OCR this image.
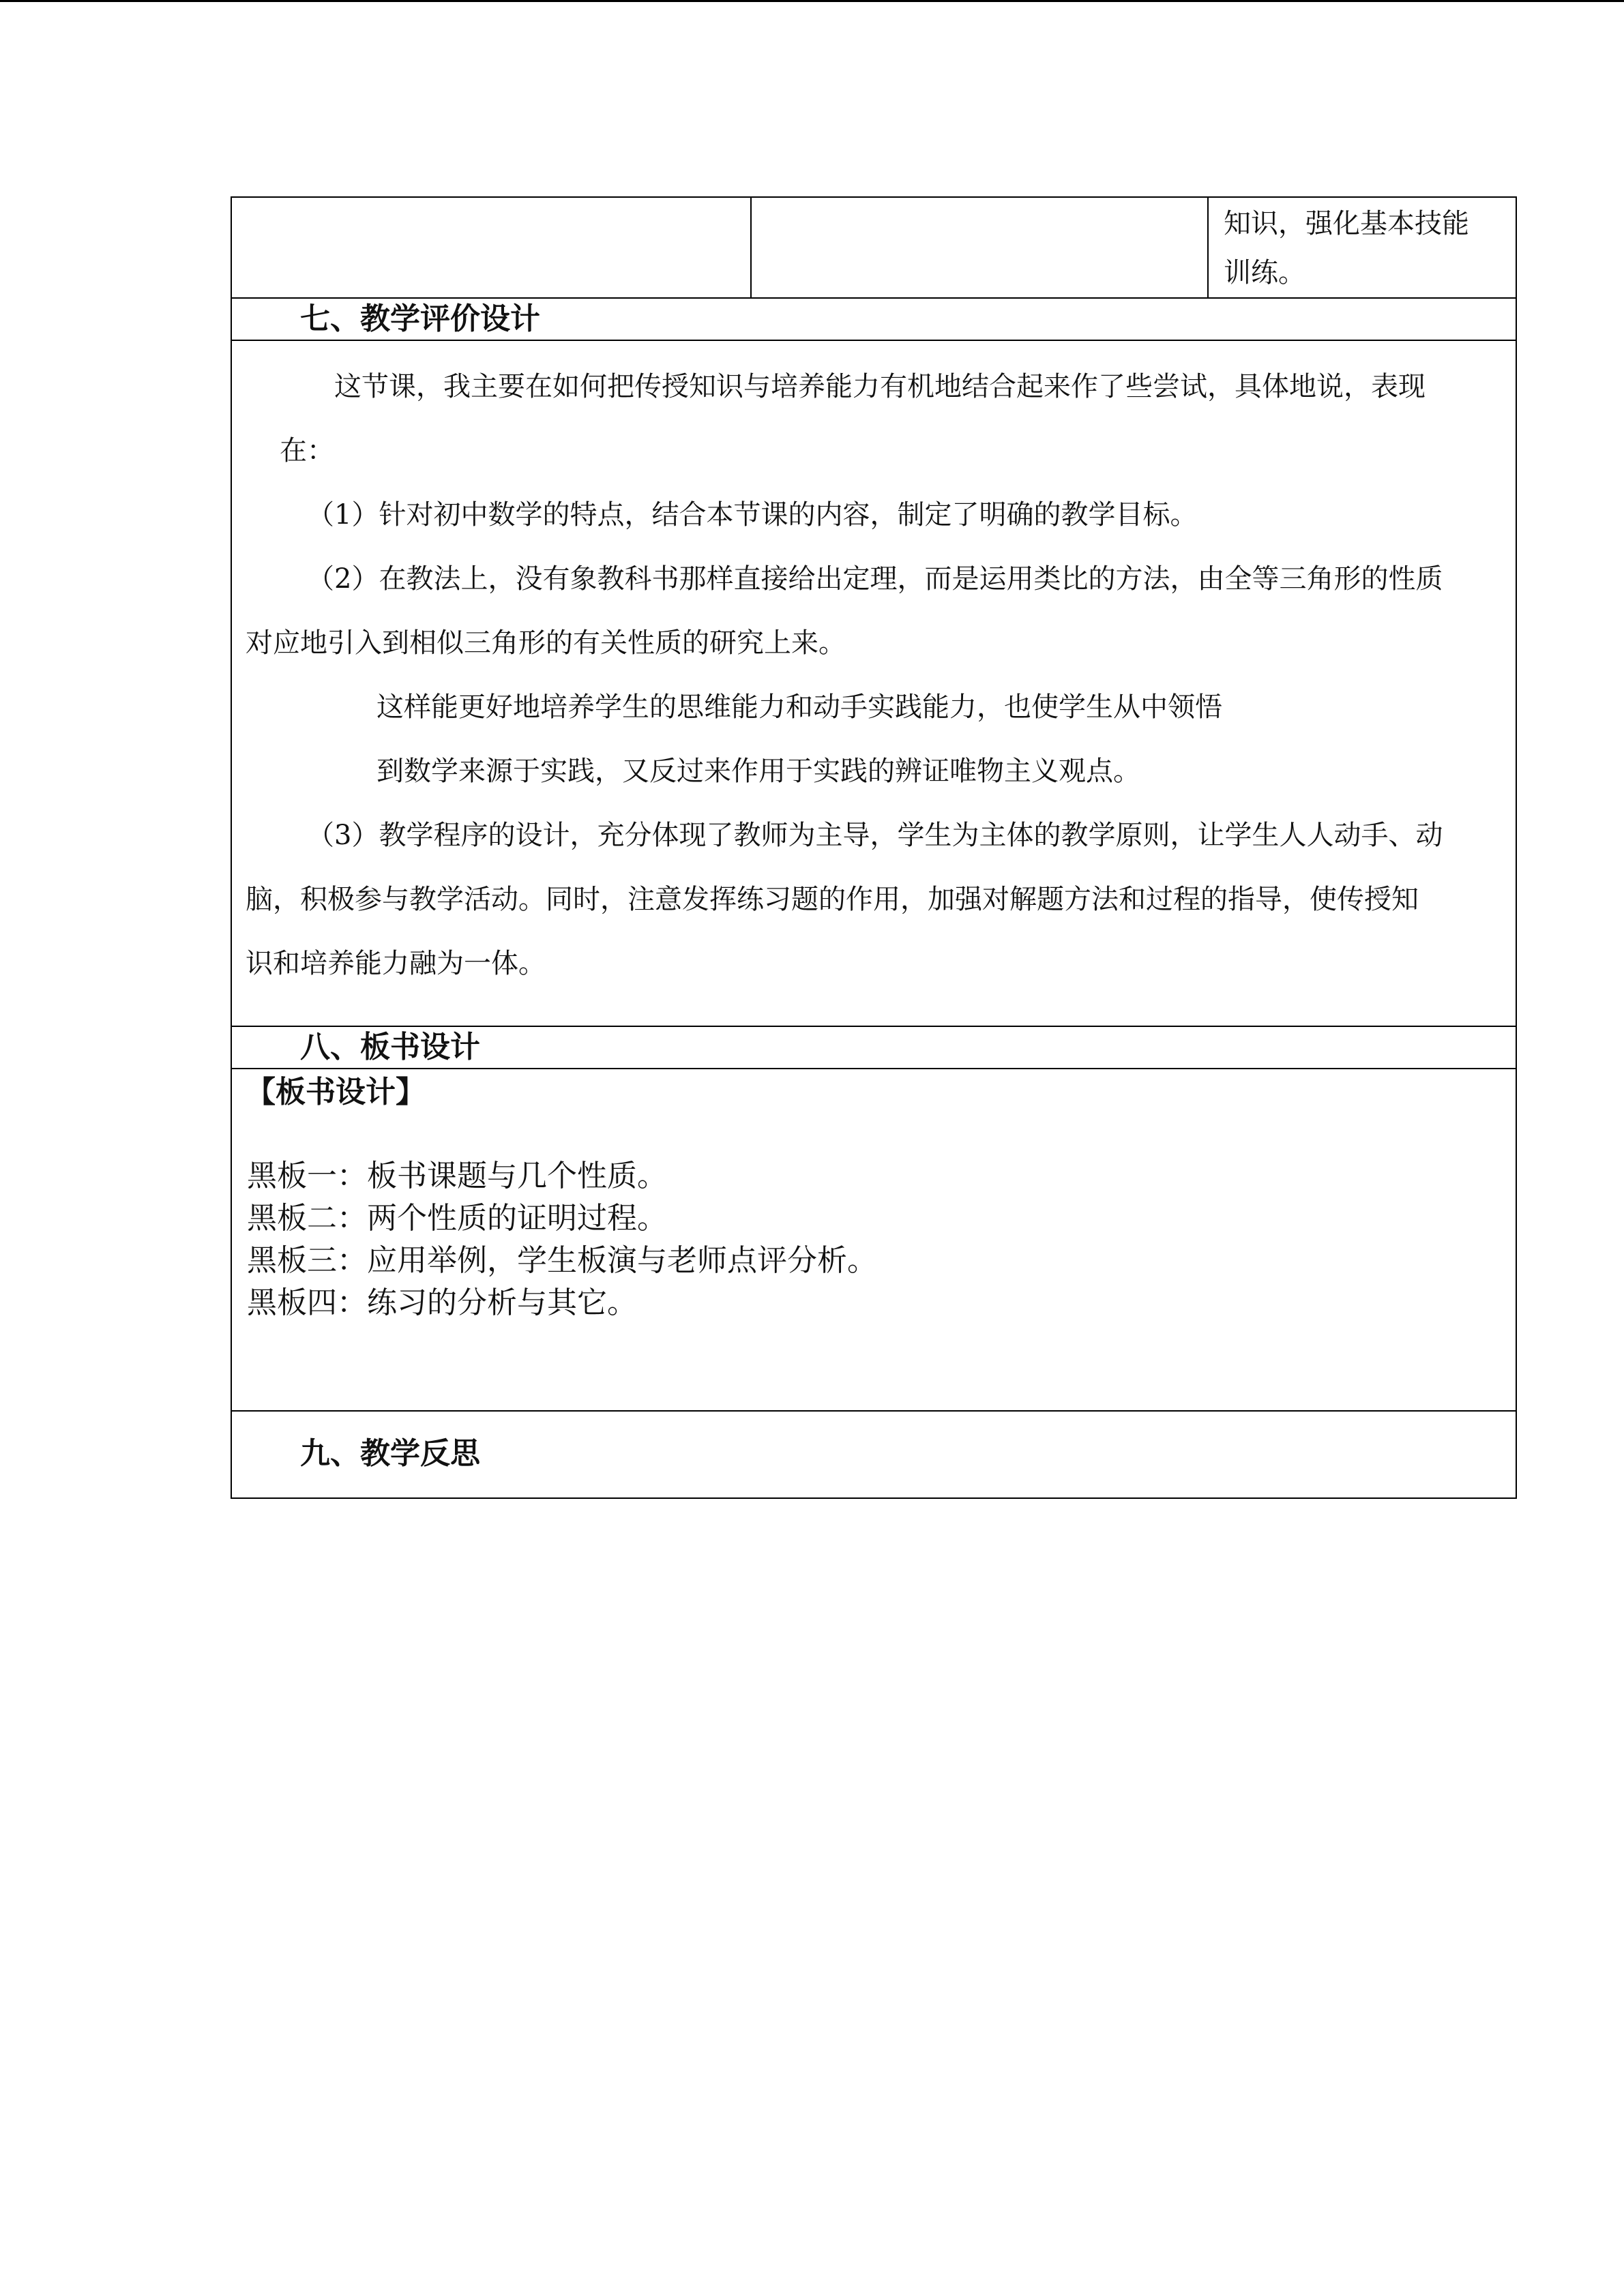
知识，强化基本技能
训练。

七、教学评价设计

这节课，我主要在如何把传授知识与培养能力有机地结合起来作了些尝试，具体地说，表现

在：

（1）针对初中数学的特点，结合本节课的内容，制定了明确的教学目标。

（2）在教法上，没有象教科书那样直接给出定理，而是运用类比的方法，由全等三角形的性质

对应地引入到相似三角形的有关性质的研究上来。

这样能更好地培养学生的思维能力和动手实践能力，也使学生从中领悟

到数学来源于实践，又反过来作用于实践的辨证唯物主义观点。

（3）教学程序的设计，充分体现了教师为主导，学生为主体的教学原则，让学生人人动手、动

脑，积极参与教学活动。同时，注意发挥练习题的作用，加强对解题方法和过程的指导，使传授知

识和培养能力融为一体。

八、板书设计

【板书设计】

黑板一：板书课题与几个性质。

黑板二：两个性质的证明过程。

黑板三：应用举例，学生板演与老师点评分析。

黑板四：练习的分析与其它。

九、教学反思
